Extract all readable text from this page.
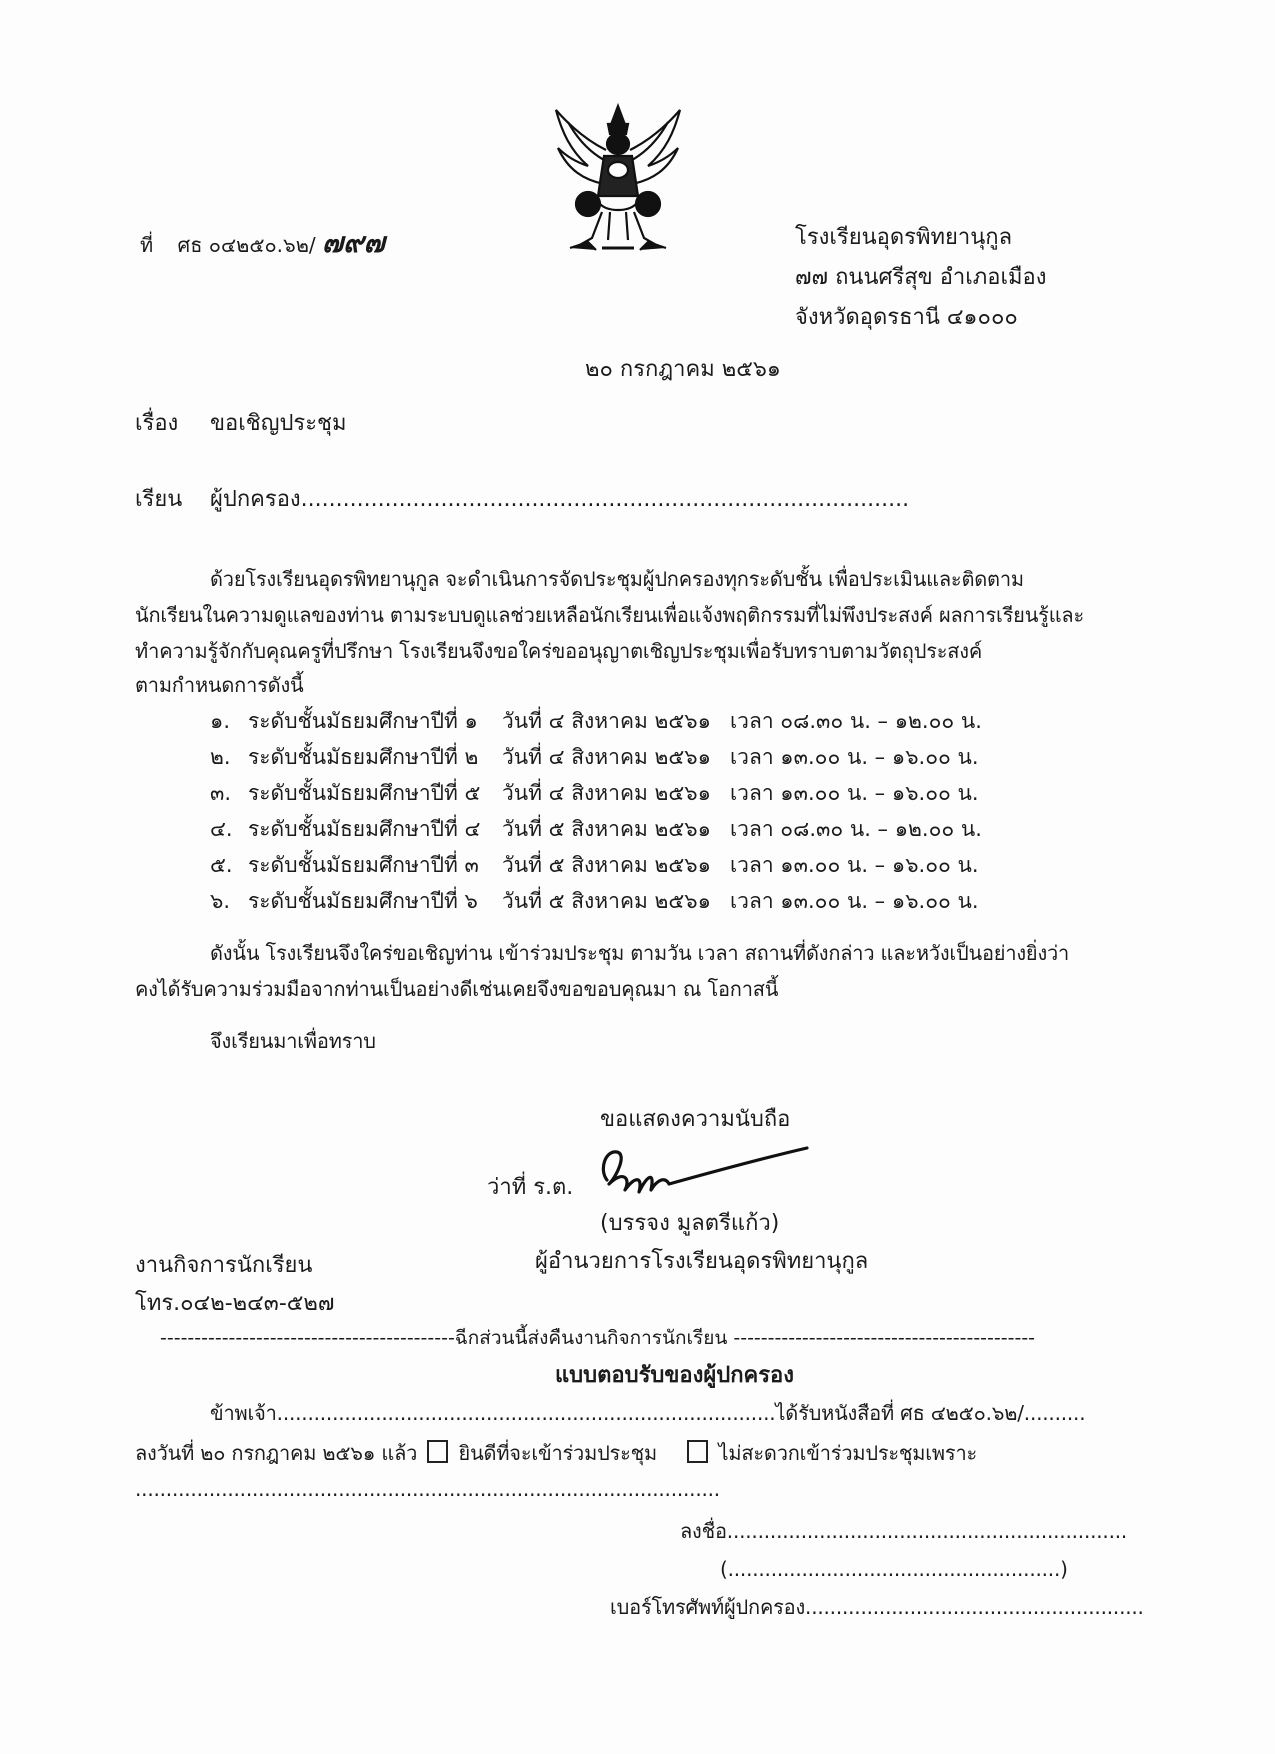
ที่ ศธ ๐๔๒๕๐.๖๒/ ๗๙๗	โรงเรียนอุดรพิทยานุกูล
๗๗ ถนนศรีสุข อำเภอเมือง
จังหวัดอุดรธานี ๔๑๐๐๐
๒๐ กรกฎาคม ๒๕๖๑
เรื่อง ขอเชิญประชุม
เรียน ผู้ปกครอง.......................................................................................
ด้วยโรงเรียนอุดรพิทยานุกูล จะดำเนินการจัดประชุมผู้ปกครองทุกระดับชั้น เพื่อประเมินและติดตาม
นักเรียนในความดูแลของท่าน ตามระบบดูแลช่วยเหลือนักเรียนเพื่อแจ้งพฤติกรรมที่ไม่พึงประสงค์ ผลการเรียนรู้และ
ทำความรู้จักกับคุณครูที่ปรึกษา โรงเรียนจึงขอใคร่ขออนุญาตเชิญประชุมเพื่อรับทราบตามวัตถุประสงค์
ตามกำหนดการดังนี้
๑. ระดับชั้นมัธยมศึกษาปีที่ ๑ วันที่ ๔ สิงหาคม ๒๕๖๑ เวลา ๐๘.๓๐ น. – ๑๒.๐๐ น.
๒. ระดับชั้นมัธยมศึกษาปีที่ ๒ วันที่ ๔ สิงหาคม ๒๕๖๑ เวลา ๑๓.๐๐ น. – ๑๖.๐๐ น.
๓. ระดับชั้นมัธยมศึกษาปีที่ ๕ วันที่ ๔ สิงหาคม ๒๕๖๑ เวลา ๑๓.๐๐ น. – ๑๖.๐๐ น.
๔. ระดับชั้นมัธยมศึกษาปีที่ ๔ วันที่ ๕ สิงหาคม ๒๕๖๑ เวลา ๐๘.๓๐ น. – ๑๒.๐๐ น.
๕. ระดับชั้นมัธยมศึกษาปีที่ ๓ วันที่ ๕ สิงหาคม ๒๕๖๑ เวลา ๑๓.๐๐ น. – ๑๖.๐๐ น.
๖. ระดับชั้นมัธยมศึกษาปีที่ ๖ วันที่ ๕ สิงหาคม ๒๕๖๑ เวลา ๑๓.๐๐ น. – ๑๖.๐๐ น.
ดังนั้น โรงเรียนจึงใคร่ขอเชิญท่าน เข้าร่วมประชุม ตามวัน เวลา สถานที่ดังกล่าว และหวังเป็นอย่างยิ่งว่า
คงได้รับความร่วมมือจากท่านเป็นอย่างดีเช่นเคยจึงขอขอบคุณมา ณ โอกาสนี้
จึงเรียนมาเพื่อทราบ
ขอแสดงความนับถือ
ว่าที่ ร.ต.
(บรรจง มูลตรีแก้ว)
ผู้อำนวยการโรงเรียนอุดรพิทยานุกูล
งานกิจการนักเรียน
โทร.๐๔๒-๒๔๓-๕๒๗
-------------------------------------------ฉีกส่วนนี้ส่งคืนงานกิจการนักเรียน --------------------------------------------
แบบตอบรับของผู้ปกครอง
ข้าพเจ้า.................................................................................ได้รับหนังสือที่ ศธ ๔๒๕๐.๖๒/..........
ลงวันที่ ๒๐ กรกฎาคม ๒๕๖๑ แล้ว ยินดีที่จะเข้าร่วมประชุม	ไม่สะดวกเข้าร่วมประชุมเพราะ
...............................................................................................
ลงชื่อ.................................................................
(......................................................)
เบอร์โทรศัพท์ผู้ปกครอง.......................................................
